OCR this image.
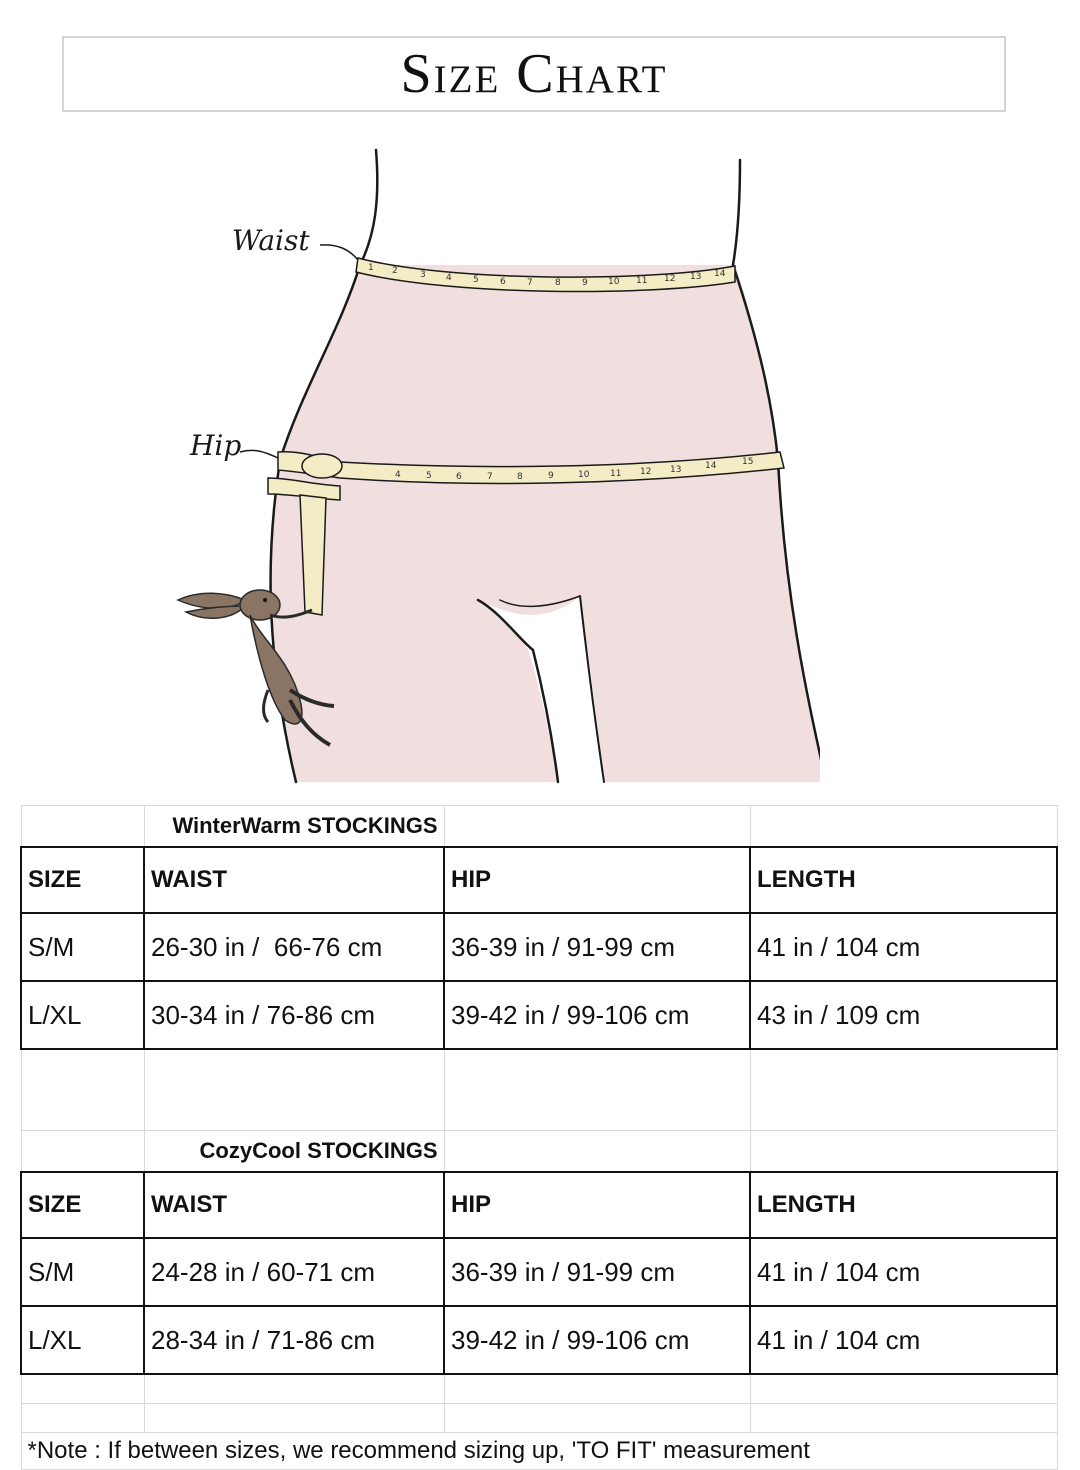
Size Chart
1 2 3 4 5 6 7 8 9 10 11 12 13 14
4	5	6	7	8	9	10 11 12 13	14	15
Waist
Hip
	WinterWarm STOCKINGS		
SIZE	WAIST	HIP	LENGTH
S/M	26-30 in /  66-76 cm	36-39 in / 91-99 cm	41 in / 104 cm
L/XL	30-34 in / 76-86 cm	39-42 in / 99-106 cm	43 in / 109 cm

	CozyCool STOCKINGS		
SIZE	WAIST	HIP	LENGTH
S/M	24-28 in / 60-71 cm	36-39 in / 91-99 cm	41 in / 104 cm
L/XL	28-34 in / 71-86 cm	39-42 in / 99-106 cm	41 in / 104 cm

*Note : If between sizes, we recommend sizing up, 'TO FIT' measurement			
